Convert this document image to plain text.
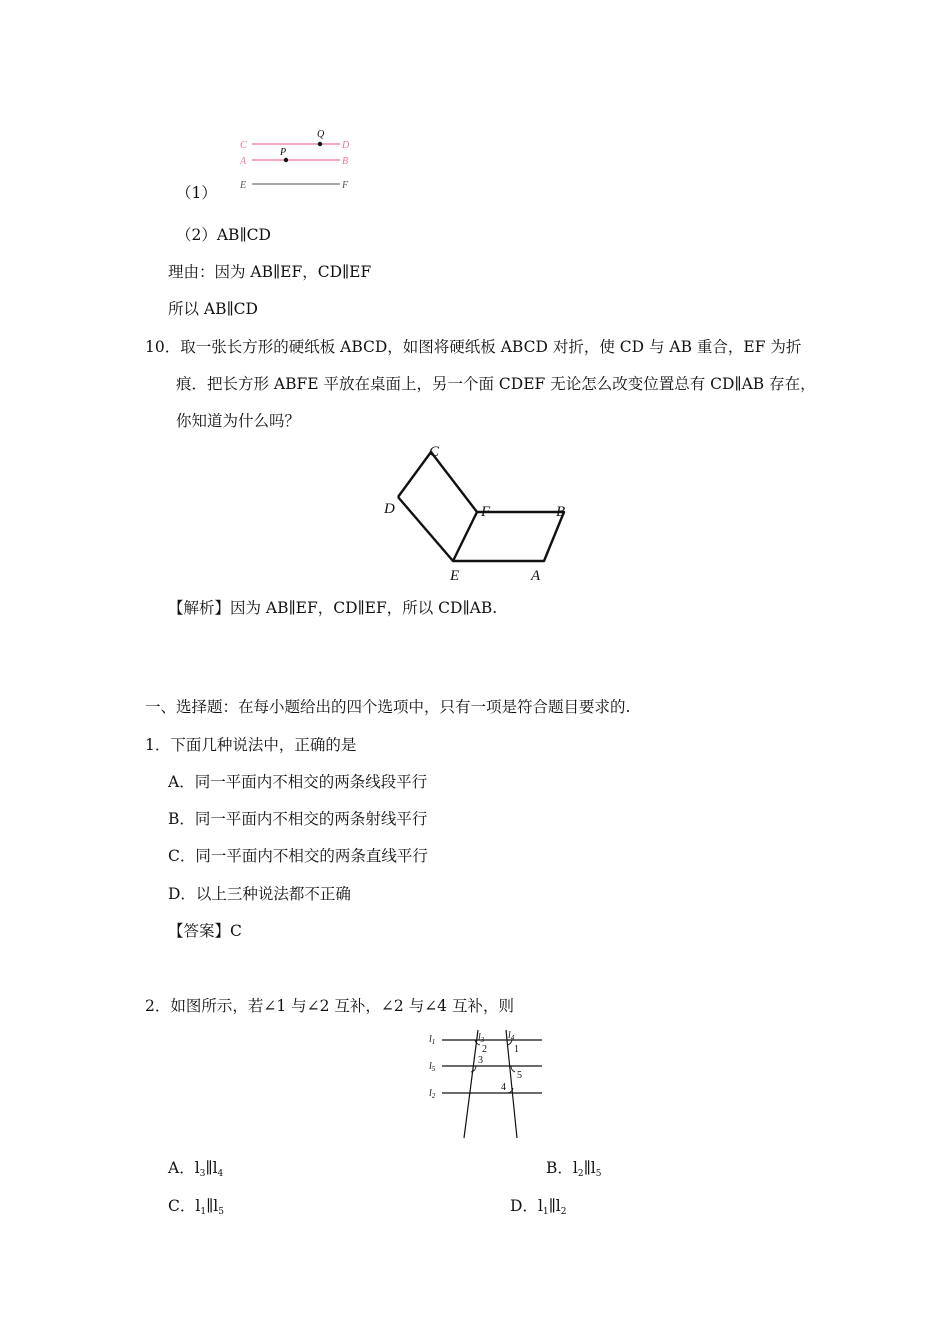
C
Q
D
A
P
B
E	F
（1）
（2）AB∥CD
理由：因为 AB∥EF，CD∥EF
所以 AB∥CD
10．取一张长方形的硬纸板 ABCD，如图将硬纸板 ABCD 对折，使 CD 与 AB 重合，EF 为折
痕．把长方形 ABFE 平放在桌面上，另一个面 CDEF 无论怎么改变位置总有 CD∥AB 存在，
你知道为什么吗？
C
D	F	B
E	A
【解析】因为 AB∥EF，CD∥EF，所以 CD∥AB.
一、选择题：在每小题给出的四个选项中，只有一项是符合题目要求的.
1．下面几种说法中，正确的是
A．同一平面内不相交的两条线段平行
B．同一平面内不相交的两条射线平行
C．同一平面内不相交的两条直线平行
D．以上三种说法都不正确
【答案】C
2．如图所示，若∠1 与∠2 互补，∠2 与∠4 互补，则
$l_3$ $l_4$
$l_1$
$l_5$
$l_2$
2	1
3
5
4
A．$l_3\parallel l_4$	B．$l_2\parallel l_5$
C．$l_1\parallel l_5$	D．$l_1\parallel l_2$
